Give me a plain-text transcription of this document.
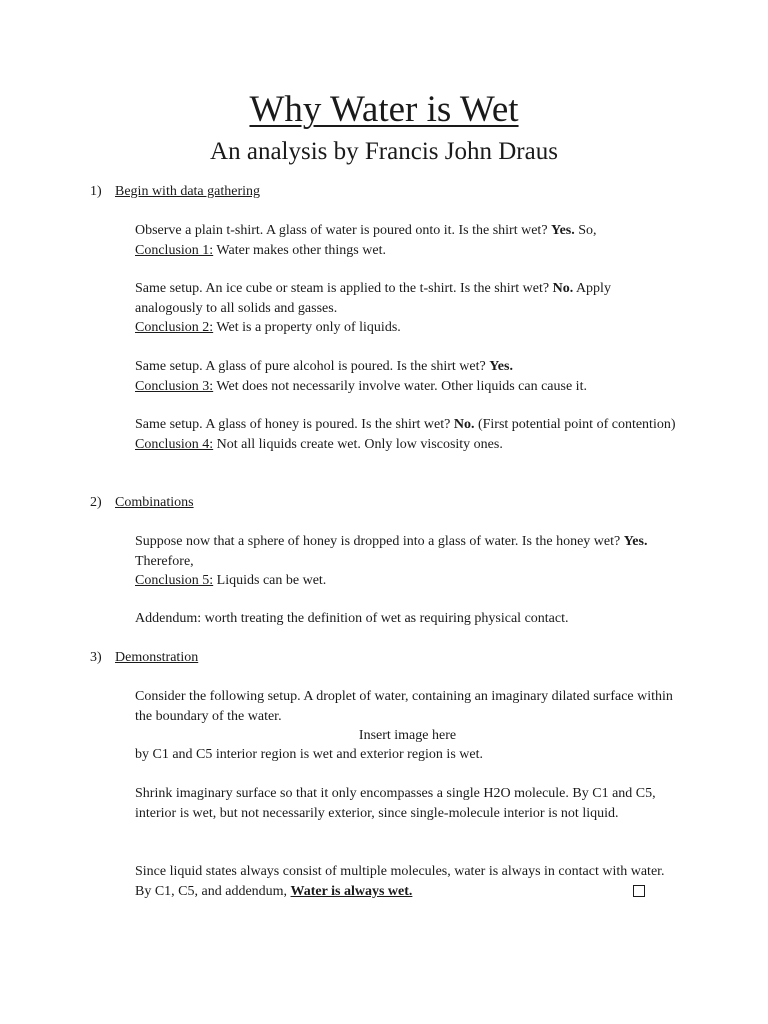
Why Water is Wet
An analysis by Francis John Draus
1) Begin with data gathering
Observe a plain t-shirt. A glass of water is poured onto it. Is the shirt wet? Yes. So,
Conclusion 1: Water makes other things wet.
Same setup. An ice cube or steam is applied to the t-shirt. Is the shirt wet? No. Apply analogously to all solids and gasses.
Conclusion 2: Wet is a property only of liquids.
Same setup. A glass of pure alcohol is poured. Is the shirt wet? Yes.
Conclusion 3: Wet does not necessarily involve water. Other liquids can cause it.
Same setup. A glass of honey is poured. Is the shirt wet? No. (First potential point of contention)
Conclusion 4: Not all liquids create wet. Only low viscosity ones.
2) Combinations
Suppose now that a sphere of honey is dropped into a glass of water. Is the honey wet? Yes. Therefore,
Conclusion 5: Liquids can be wet.
Addendum: worth treating the definition of wet as requiring physical contact.
3) Demonstration
Consider the following setup. A droplet of water, containing an imaginary dilated surface within the boundary of the water.
Insert image here
by C1 and C5 interior region is wet and exterior region is wet.
Shrink imaginary surface so that it only encompasses a single H2O molecule. By C1 and C5, interior is wet, but not necessarily exterior, since single-molecule interior is not liquid.
Since liquid states always consist of multiple molecules, water is always in contact with water. By C1, C5, and addendum, Water is always wet.
